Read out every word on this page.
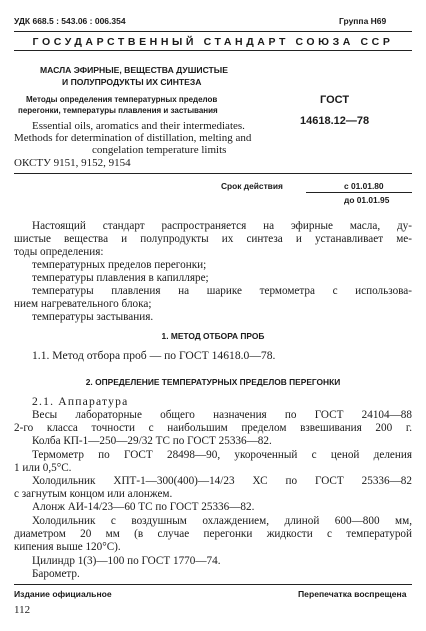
УДК 668.5 : 543.06 : 006.354	Группа Н69
ГОСУДАРСТВЕННЫЙ СТАНДАРТ СОЮЗА ССР
МАСЛА ЭФИРНЫЕ, ВЕЩЕСТВА ДУШИСТЫЕ
И ПОЛУПРОДУКТЫ ИХ СИНТЕЗА
Методы определения температурных пределов
перегонки, температуры плавления и застывания
Essential oils, aromatics and their intermediates.
Methods for determination of distillation, melting and
congelation temperature limits
ОКСТУ 9151, 9152, 9154
ГОСТ
14618.12—78
Срок действия	с 01.01.80
до 01.01.95
Настоящий стандарт распространяется на эфирные масла, ду-
шистые вещества и полупродукты их синтеза и устанавливает ме-
тоды определения:
температурных пределов перегонки;
температуры плавления в капилляре;
температуры плавления на шарике термометра с использова-
нием нагревательного блока;
температуры застывания.
1. МЕТОД ОТБОРА ПРОБ
1.1. Метод отбора проб — по ГОСТ 14618.0—78.
2. ОПРЕДЕЛЕНИЕ ТЕМПЕРАТУРНЫХ ПРЕДЕЛОВ ПЕРЕГОНКИ
2.1. Аппаратура
Весы лабораторные общего назначения по ГОСТ 24104—88
2-го класса точности с наибольшим пределом взвешивания 200 г.
Колба КП-1—250—29/32 ТС по ГОСТ 25336—82.
Термометр по ГОСТ 28498—90, укороченный с ценой деления
1 или 0,5°С.
Холодильник ХПТ-1—300(400)—14/23 ХС по ГОСТ 25336—82
с загнутым концом или алонжем.
Алонж АИ-14/23—60 ТС по ГОСТ 25336—82.
Холодильник с воздушным охлаждением, длиной 600—800 мм,
диаметром 20 мм (в случае перегонки жидкости с температурой
кипения выше 120°С).
Цилиндр 1(3)—100 по ГОСТ 1770—74.
Барометр.
Издание официальное	Перепечатка воспрещена
112
